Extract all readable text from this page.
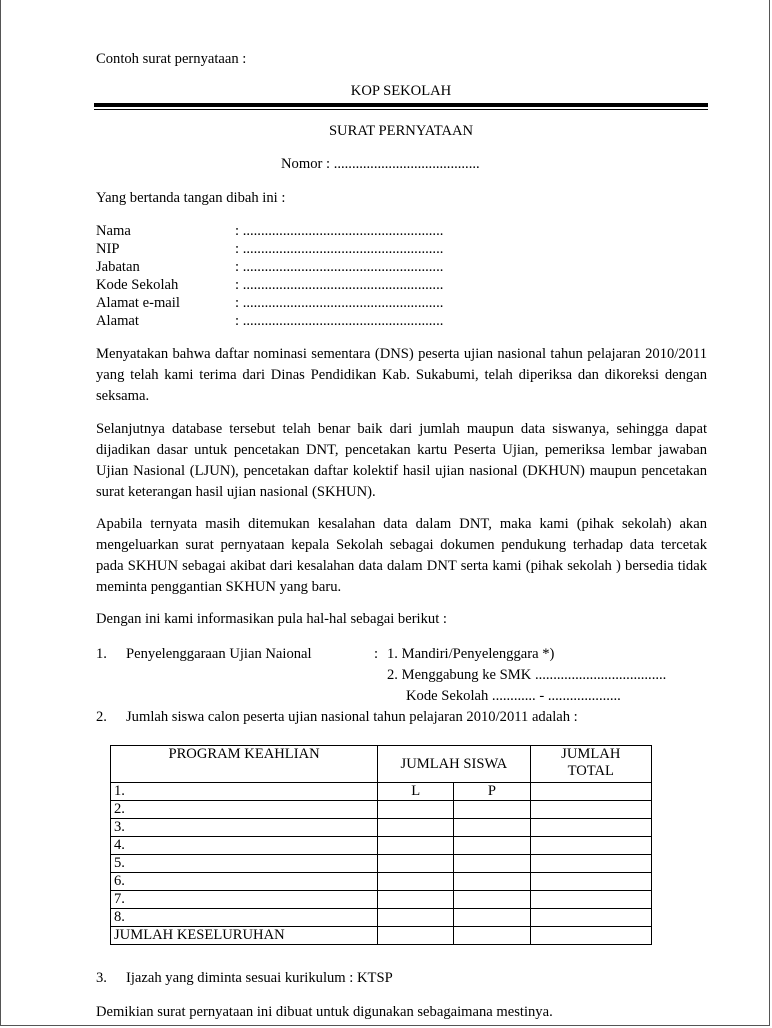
Contoh surat pernyataan :
KOP SEKOLAH
SURAT PERNYATAAN
Nomor : ........................................
Yang bertanda tangan dibah ini :
Nama	: .......................................................
NIP	: .......................................................
Jabatan	: .......................................................
Kode Sekolah	: .......................................................
Alamat e-mail	: .......................................................
Alamat	: .......................................................
Menyatakan bahwa daftar nominasi sementara (DNS) peserta ujian nasional tahun pelajaran 2010/2011 yang telah kami terima dari Dinas Pendidikan Kab. Sukabumi, telah diperiksa dan dikoreksi dengan seksama.
Selanjutnya database tersebut telah benar baik dari jumlah maupun data siswanya, sehingga dapat dijadikan dasar untuk pencetakan DNT, pencetakan kartu Peserta Ujian, pemeriksa lembar jawaban Ujian Nasional (LJUN), pencetakan daftar kolektif hasil ujian nasional (DKHUN) maupun pencetakan surat keterangan hasil ujian nasional (SKHUN).
Apabila ternyata masih ditemukan kesalahan data dalam DNT, maka kami (pihak sekolah) akan mengeluarkan surat pernyataan kepala Sekolah sebagai dokumen pendukung terhadap data tercetak pada SKHUN sebagai akibat dari kesalahan data dalam DNT serta kami (pihak sekolah ) bersedia tidak meminta penggantian SKHUN yang baru.
Dengan ini kami informasikan pula hal-hal sebagai berikut :
1. Penyelenggaraan Ujian Naional	: 1. Mandiri/Penyelenggara *)
2. Menggabung ke SMK ....................................
Kode Sekolah ............ - ....................
2. Jumlah siswa calon peserta ujian nasional tahun pelajaran 2010/2011 adalah :
PROGRAM KEAHLIAN	JUMLAH SISWA		JUMLAH
TOTAL
1.	L	P	
2.			
3.			
4.			
5.			
6.			
7.			
8.			
JUMLAH KESELURUHAN			
3. Ijazah yang diminta sesuai kurikulum : KTSP
Demikian surat pernyataan ini dibuat untuk digunakan sebagaimana mestinya.
